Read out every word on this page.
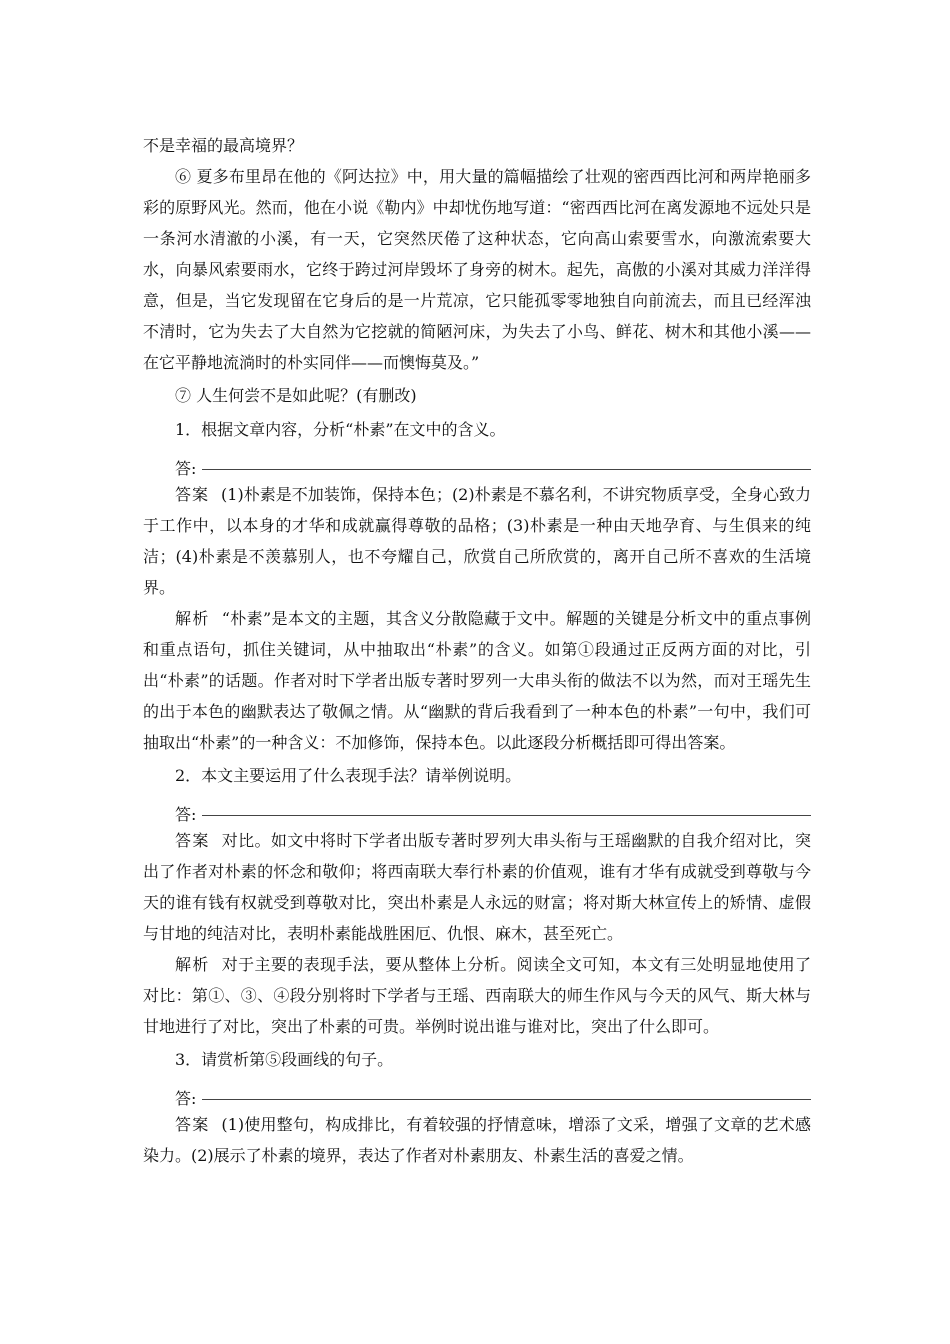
不是幸福的最高境界？

⑥ 夏多布里昂在他的《阿达拉》中，用大量的篇幅描绘了壮观的密西西比河和两岸艳丽多彩的原野风光。然而，他在小说《勒内》中却忧伤地写道：“密西西比河在离发源地不远处只是一条河水清澈的小溪，有一天，它突然厌倦了这种状态，它向高山索要雪水，向激流索要大水，向暴风索要雨水，它终于跨过河岸毁坏了身旁的树木。起先，高傲的小溪对其威力洋洋得意，但是，当它发现留在它身后的是一片荒凉，它只能孤零零地独自向前流去，而且已经浑浊不清时，它为失去了大自然为它挖就的简陋河床，为失去了小鸟、鲜花、树木和其他小溪——在它平静地流淌时的朴实同伴——而懊悔莫及。”

⑦ 人生何尝不是如此呢？(有删改)

1．根据文章内容，分析“朴素”在文中的含义。

答:

答案 (1)朴素是不加装饰，保持本色；(2)朴素是不慕名利，不讲究物质享受，全身心致力于工作中，以本身的才华和成就赢得尊敬的品格；(3)朴素是一种由天地孕育、与生俱来的纯洁；(4)朴素是不羡慕别人，也不夸耀自己，欣赏自己所欣赏的，离开自己所不喜欢的生活境界。

解析 “朴素”是本文的主题，其含义分散隐藏于文中。解题的关键是分析文中的重点事例和重点语句，抓住关键词，从中抽取出“朴素”的含义。如第①段通过正反两方面的对比，引出“朴素”的话题。作者对时下学者出版专著时罗列一大串头衔的做法不以为然，而对王瑶先生的出于本色的幽默表达了敬佩之情。从“幽默的背后我看到了一种本色的朴素”一句中，我们可抽取出“朴素”的一种含义：不加修饰，保持本色。以此逐段分析概括即可得出答案。

2．本文主要运用了什么表现手法？请举例说明。

答:

答案 对比。如文中将时下学者出版专著时罗列大串头衔与王瑶幽默的自我介绍对比，突出了作者对朴素的怀念和敬仰；将西南联大奉行朴素的价值观，谁有才华有成就受到尊敬与今天的谁有钱有权就受到尊敬对比，突出朴素是人永远的财富；将对斯大林宣传上的矫情、虚假与甘地的纯洁对比，表明朴素能战胜困厄、仇恨、麻木，甚至死亡。

解析 对于主要的表现手法，要从整体上分析。阅读全文可知，本文有三处明显地使用了对比：第①、③、④段分别将时下学者与王瑶、西南联大的师生作风与今天的风气、斯大林与甘地进行了对比，突出了朴素的可贵。举例时说出谁与谁对比，突出了什么即可。

3．请赏析第⑤段画线的句子。

答:

答案 (1)使用整句，构成排比，有着较强的抒情意味，增添了文采，增强了文章的艺术感染力。(2)展示了朴素的境界，表达了作者对朴素朋友、朴素生活的喜爱之情。
